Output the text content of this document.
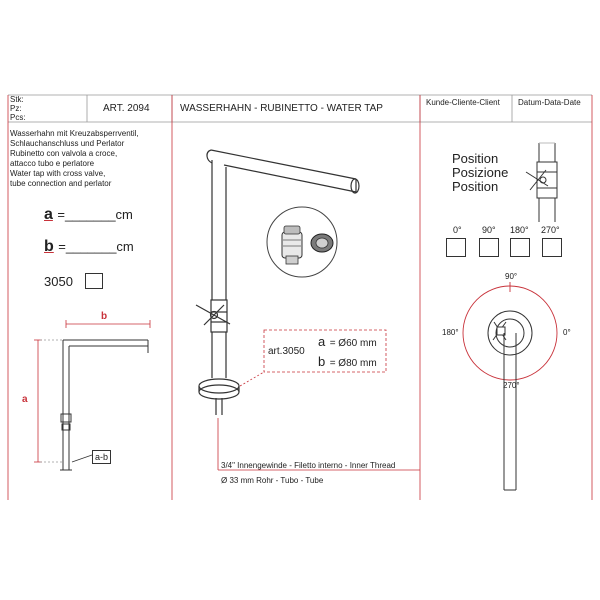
Stk:
Pz:
Pcs:
ART. 2094	WASSERHAHN - RUBINETTO - WATER TAP
Kunde-Cliente-Client Datum-Data-Date
Wasserhahn mit Kreuzabsperrventil,
Schlauchanschluss und Perlator
Rubinetto con valvola a croce,
attacco tubo e perlatore
Water tap with cross valve,
tube connection and perlator
a =_______cm
b =_______cm
3050
b
a
a-b
art.3050
a = Ø60 mm
b = Ø80 mm
3/4" Innengewinde - Filetto interno - Inner Thread
Ø 33 mm Rohr - Tubo - Tube
Position
Posizione
Position
0° 90° 180° 270°
90°
180°	0°
270°
